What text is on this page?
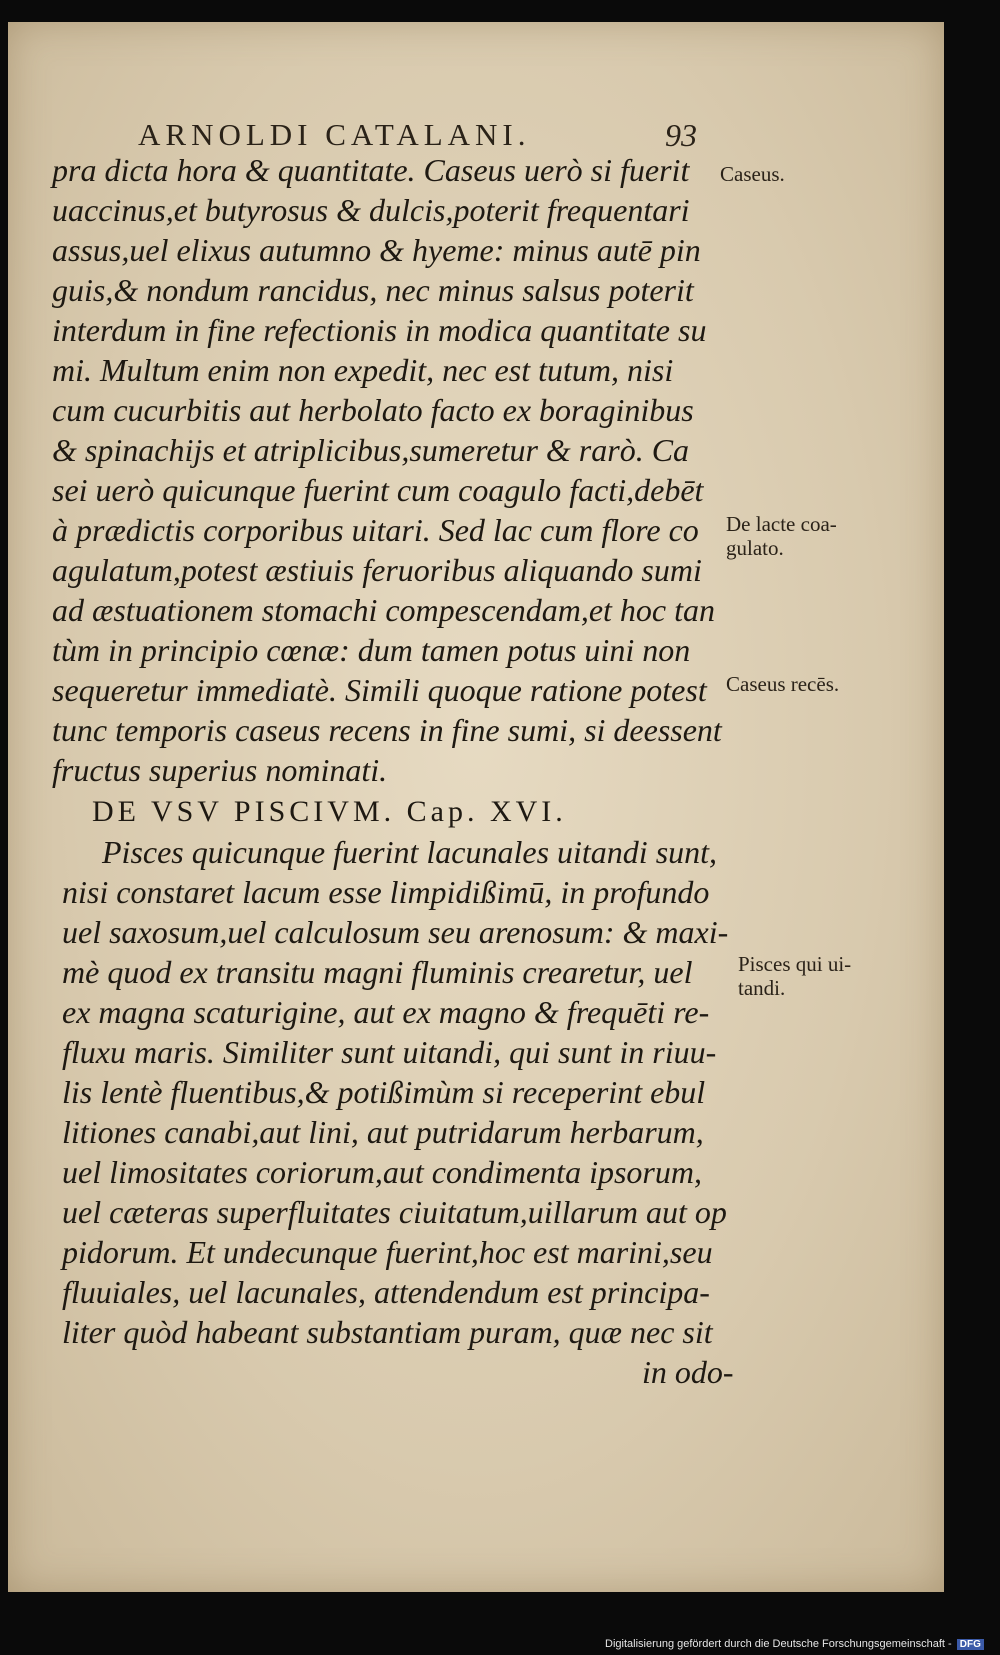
ARNOLDI CATALANI.	93
pra dicta hora & quantitate. Caseus uerò si fuerit
uaccinus,et butyrosus & dulcis,poterit frequentari
assus,uel elixus autumno & hyeme: minus autē pin
guis,& nondum rancidus, nec minus salsus poterit
interdum in fine refectionis in modica quantitate su
mi. Multum enim non expedit, nec est tutum, nisi
cum cucurbitis aut herbolato facto ex boraginibus
& spinachijs et atriplicibus,sumeretur & rarò. Ca
sei uerò quicunque fuerint cum coagulo facti,debēt
à prædictis corporibus uitari. Sed lac cum flore co
agulatum,potest æstiuis feruoribus aliquando sumi
ad æstuationem stomachi compescendam,et hoc tan
tùm in principio cœnæ: dum tamen potus uini non
sequeretur immediatè. Simili quoque ratione potest
tunc temporis caseus recens in fine sumi, si deessent
fructus superius nominati.
DE VSV PISCIVM. Cap. XVI.
Pisces quicunque fuerint lacunales uitandi sunt,
nisi constaret lacum esse limpidißimū, in profundo
uel saxosum,uel calculosum seu arenosum: & maxi-
mè quod ex transitu magni fluminis crearetur, uel
ex magna scaturigine, aut ex magno & frequēti re-
fluxu maris. Similiter sunt uitandi, qui sunt in riuu-
lis lentè fluentibus,& potißimùm si receperint ebul
litiones canabi,aut lini, aut putridarum herbarum,
uel limositates coriorum,aut condimenta ipsorum,
uel cæteras superfluitates ciuitatum,uillarum aut op
pidorum. Et undecunque fuerint,hoc est marini,seu
fluuiales, uel lacunales, attendendum est principa-
liter quòd habeant substantiam puram, quæ nec sit
in odo-
Caseus.
De lacte coa-
gulato.
Caseus recēs.
Pisces qui ui-
tandi.
Digitalisierung gefördert durch die Deutsche Forschungsgemeinschaft - DFG
